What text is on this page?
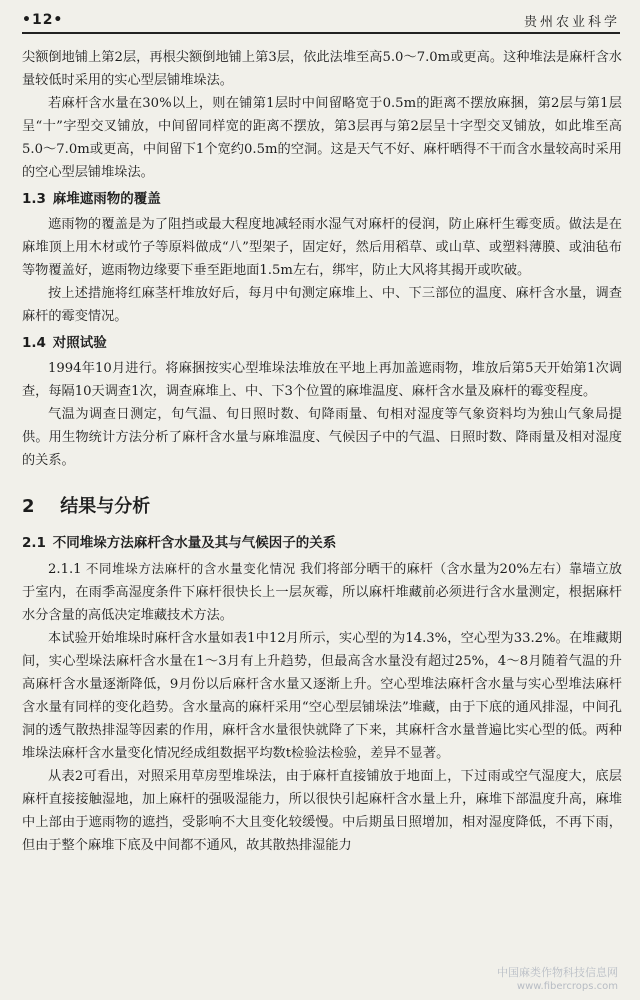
•12•	贵州农业科学

尖额倒地铺上第2层，再根尖额倒地铺上第3层，依此法堆至高5.0～7.0m或更高。这种堆法是麻杆含水量较低时采用的实心型层铺堆垛法。

若麻杆含水量在30%以上，则在铺第1层时中间留略宽于0.5m的距离不摆放麻捆，第2层与第1层呈“十”字型交叉铺放，中间留同样宽的距离不摆放，第3层再与第2层呈十字型交叉铺放，如此堆至高5.0～7.0m或更高，中间留下1个宽约0.5m的空洞。这是天气不好、麻杆晒得不干而含水量较高时采用的空心型层铺堆垛法。

1.3 麻堆遮雨物的覆盖

遮雨物的覆盖是为了阻挡或最大程度地减轻雨水湿气对麻杆的侵润，防止麻杆生霉变质。做法是在麻堆顶上用木材或竹子等原料做成“八”型架子，固定好，然后用稻草、或山草、或塑料薄膜、或油毡布等物覆盖好，遮雨物边缘要下垂至距地面1.5m左右，绑牢，防止大风将其揭开或吹破。

按上述措施将红麻茎杆堆放好后，每月中旬测定麻堆上、中、下三部位的温度、麻杆含水量，调查麻杆的霉变情况。

1.4 对照试验

1994年10月进行。将麻捆按实心型堆垛法堆放在平地上再加盖遮雨物，堆放后第5天开始第1次调查，每隔10天调查1次，调查麻堆上、中、下3个位置的麻堆温度、麻杆含水量及麻杆的霉变程度。

气温为调查日测定，旬气温、旬日照时数、旬降雨量、旬相对湿度等气象资料均为独山气象局提供。用生物统计方法分析了麻杆含水量与麻堆温度、气候因子中的气温、日照时数、降雨量及相对湿度的关系。

2 结果与分析
2.1 不同堆垛方法麻杆含水量及其与气候因子的关系

2.1.1 不同堆垛方法麻杆的含水量变化情况 我们将部分晒干的麻杆（含水量为20%左右）靠墙立放于室内，在雨季高湿度条件下麻杆很快长上一层灰霉，所以麻杆堆藏前必须进行含水量测定，根据麻杆水分含量的高低决定堆藏技术方法。

本试验开始堆垛时麻杆含水量如表1中12月所示，实心型的为14.3%，空心型为33.2%。在堆藏期间，实心型垛法麻杆含水量在1～3月有上升趋势，但最高含水量没有超过25%，4～8月随着气温的升高麻杆含水量逐渐降低，9月份以后麻杆含水量又逐渐上升。空心型堆法麻杆含水量与实心型堆法麻杆含水量有同样的变化趋势。含水量高的麻杆采用“空心型层铺垛法”堆藏，由于下底的通风排湿，中间孔洞的透气散热排湿等因素的作用，麻杆含水量很快就降了下来，其麻杆含水量普遍比实心型的低。两种堆垛法麻杆含水量变化情况经成组数据平均数t检验法检验，差异不显著。

从表2可看出，对照采用草房型堆垛法，由于麻杆直接铺放于地面上，下过雨或空气湿度大，底层麻杆直接接触湿地，加上麻杆的强吸湿能力，所以很快引起麻杆含水量上升，麻堆下部温度升高，麻堆中上部由于遮雨物的遮挡，受影响不大且变化较缓慢。中后期虽日照增加，相对湿度降低，不再下雨，但由于整个麻堆下底及中间都不通风，故其散热排湿能力

中国麻类作物科技信息网
www.fibercrops.com
